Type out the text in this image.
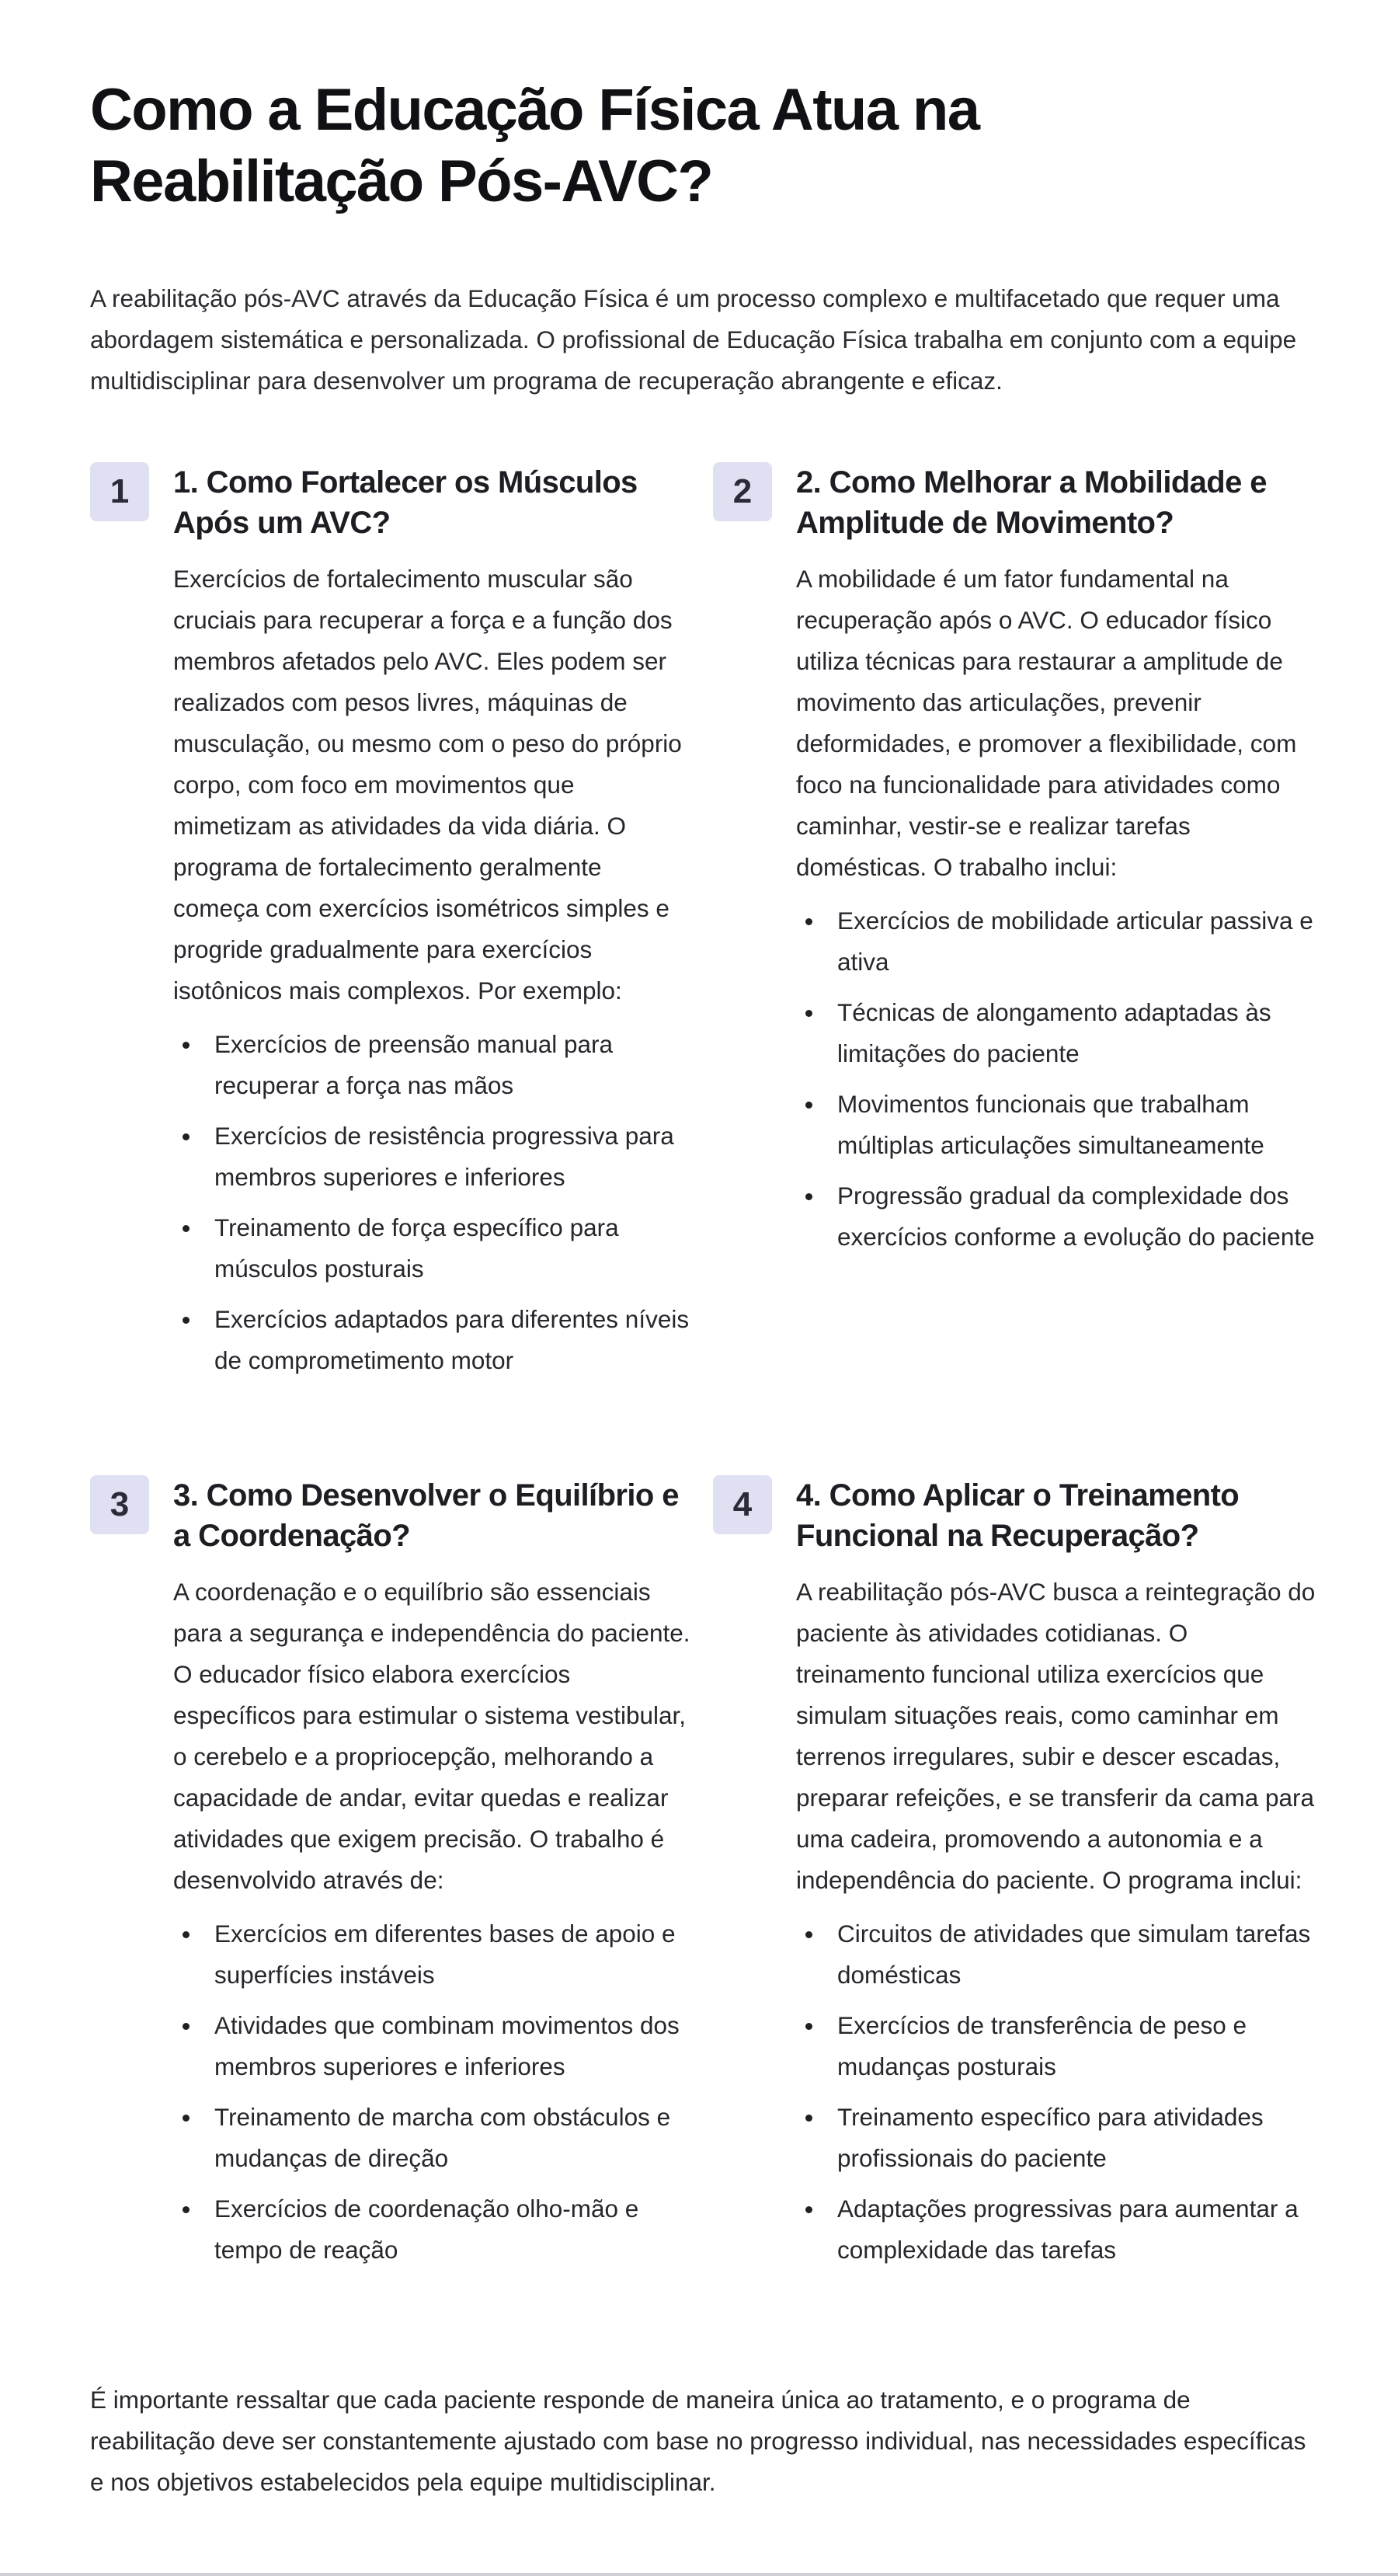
Como a Educação Física Atua na Reabilitação Pós-AVC?

A reabilitação pós-AVC através da Educação Física é um processo complexo e multifacetado que requer uma abordagem sistemática e personalizada. O profissional de Educação Física trabalha em conjunto com a equipe multidisciplinar para desenvolver um programa de recuperação abrangente e eficaz.

1	1. Como Fortalecer os Músculos Após um AVC?

Exercícios de fortalecimento muscular são cruciais para recuperar a força e a função dos membros afetados pelo AVC. Eles podem ser realizados com pesos livres, máquinas de musculação, ou mesmo com o peso do próprio corpo, com foco em movimentos que mimetizam as atividades da vida diária. O programa de fortalecimento geralmente começa com exercícios isométricos simples e progride gradualmente para exercícios isotônicos mais complexos. Por exemplo:

Exercícios de preensão manual para recuperar a força nas mãos
Exercícios de resistência progressiva para membros superiores e inferiores
Treinamento de força específico para músculos posturais
Exercícios adaptados para diferentes níveis de comprometimento motor
2	2. Como Melhorar a Mobilidade e Amplitude de Movimento?

A mobilidade é um fator fundamental na recuperação após o AVC. O educador físico utiliza técnicas para restaurar a amplitude de movimento das articulações, prevenir deformidades, e promover a flexibilidade, com foco na funcionalidade para atividades como caminhar, vestir-se e realizar tarefas domésticas. O trabalho inclui:

Exercícios de mobilidade articular passiva e ativa
Técnicas de alongamento adaptadas às limitações do paciente
Movimentos funcionais que trabalham múltiplas articulações simultaneamente
Progressão gradual da complexidade dos exercícios conforme a evolução do paciente
3	3. Como Desenvolver o Equilíbrio e a Coordenação?

A coordenação e o equilíbrio são essenciais para a segurança e independência do paciente. O educador físico elabora exercícios específicos para estimular o sistema vestibular, o cerebelo e a propriocepção, melhorando a capacidade de andar, evitar quedas e realizar atividades que exigem precisão. O trabalho é desenvolvido através de:

Exercícios em diferentes bases de apoio e superfícies instáveis
Atividades que combinam movimentos dos membros superiores e inferiores
Treinamento de marcha com obstáculos e mudanças de direção
Exercícios de coordenação olho-mão e tempo de reação
4	4. Como Aplicar o Treinamento Funcional na Recuperação?

A reabilitação pós-AVC busca a reintegração do paciente às atividades cotidianas. O treinamento funcional utiliza exercícios que simulam situações reais, como caminhar em terrenos irregulares, subir e descer escadas, preparar refeições, e se transferir da cama para uma cadeira, promovendo a autonomia e a independência do paciente. O programa inclui:

Circuitos de atividades que simulam tarefas domésticas
Exercícios de transferência de peso e mudanças posturais
Treinamento específico para atividades profissionais do paciente
Adaptações progressivas para aumentar a complexidade das tarefas

É importante ressaltar que cada paciente responde de maneira única ao tratamento, e o programa de reabilitação deve ser constantemente ajustado com base no progresso individual, nas necessidades específicas e nos objetivos estabelecidos pela equipe multidisciplinar.
